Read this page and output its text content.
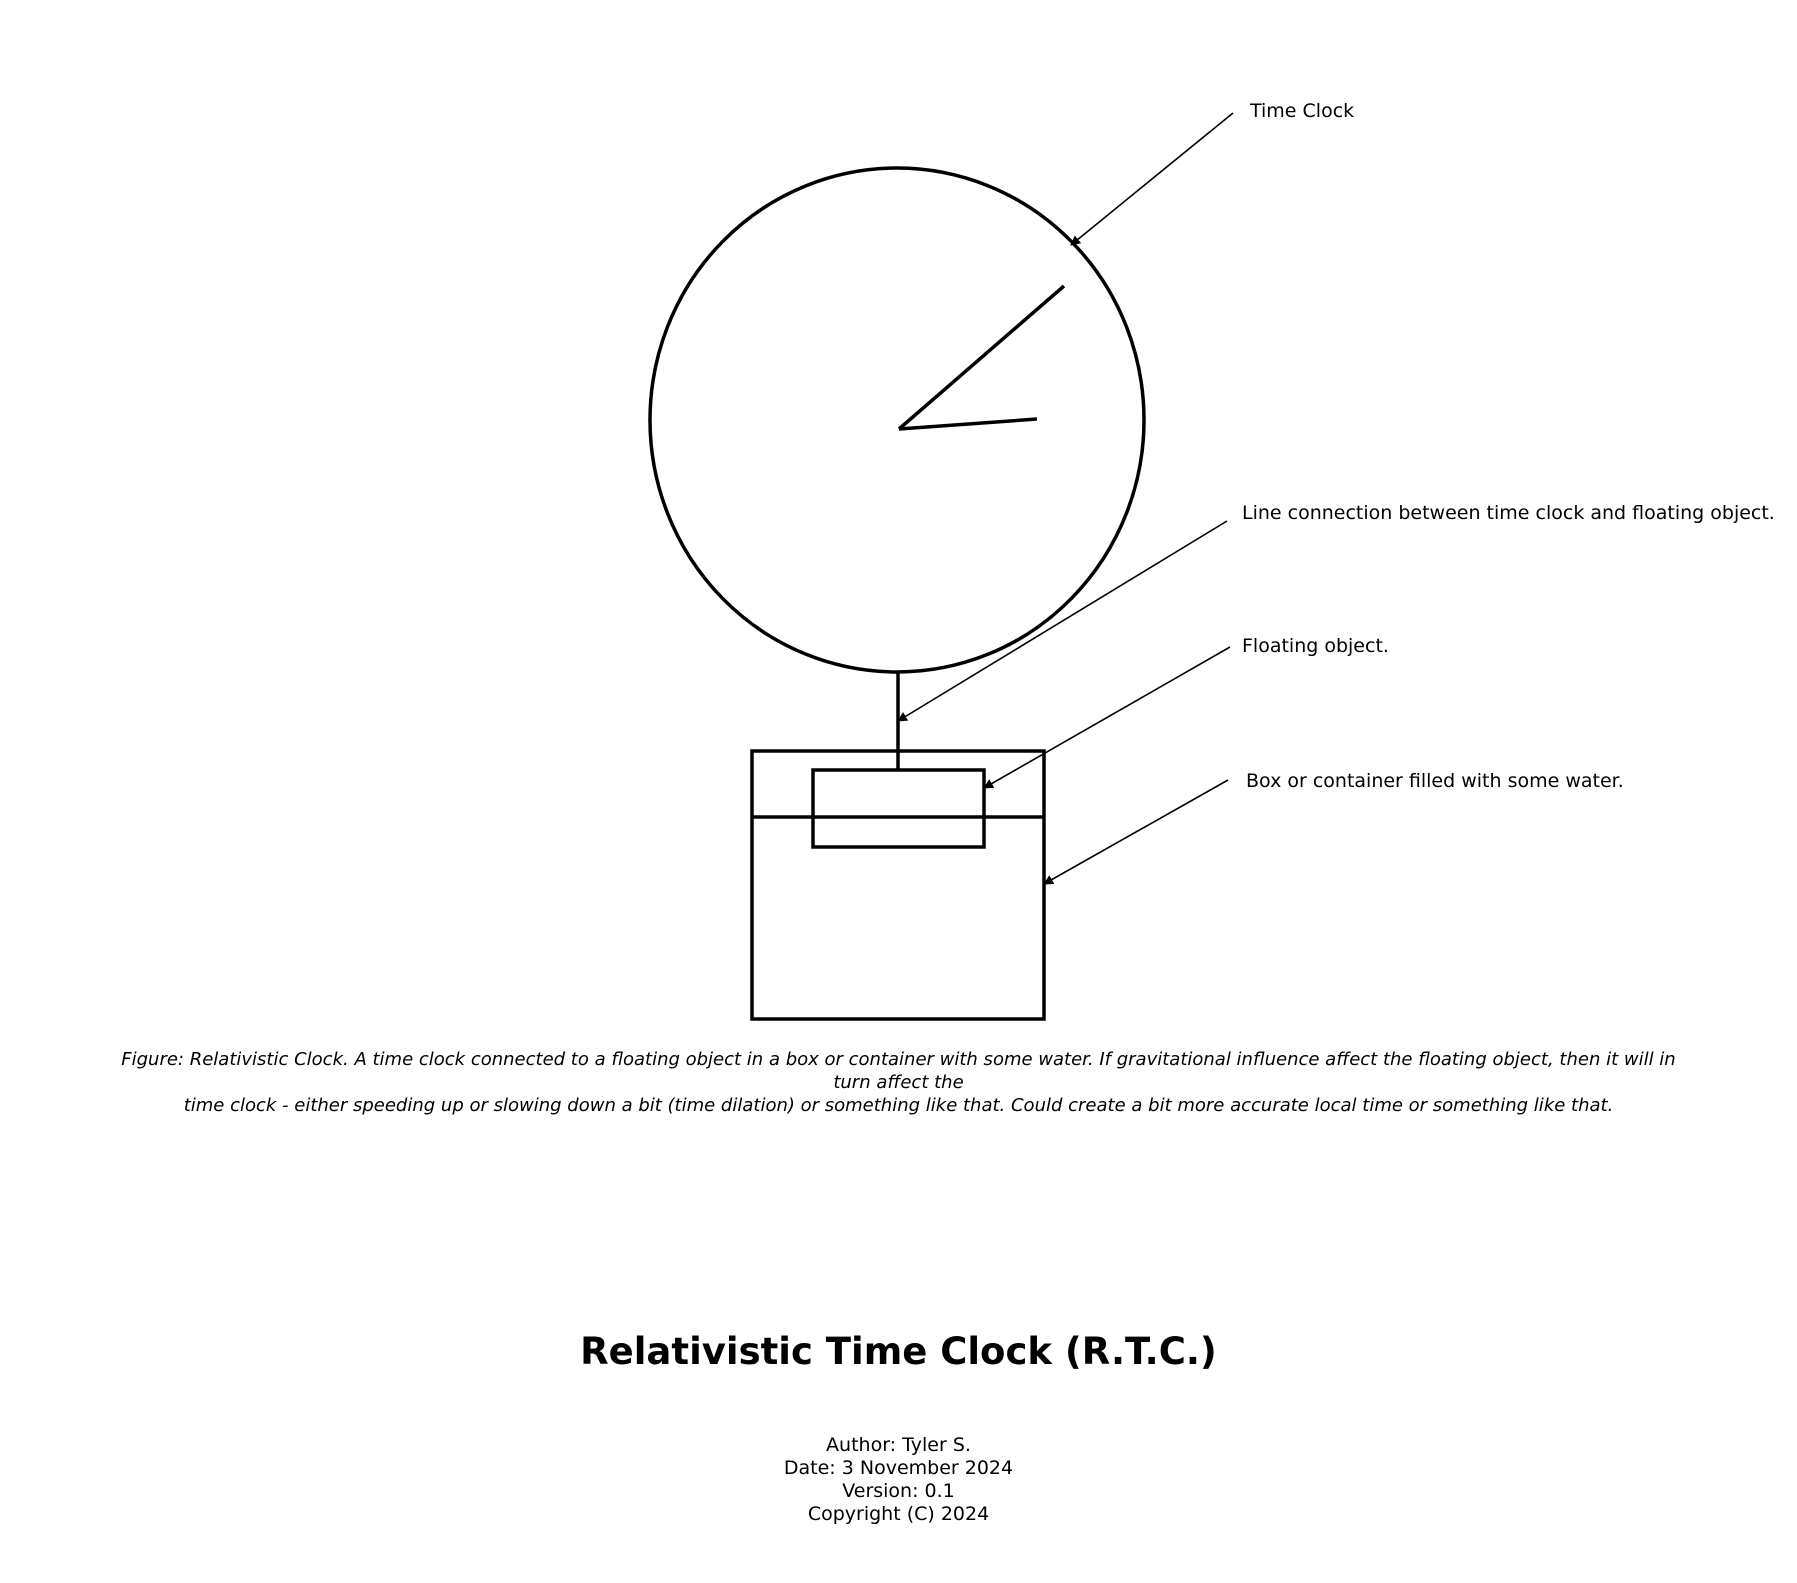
Time Clock
Line connection between time clock and floating object.
Floating object.
Box or container filled with some water.
Figure: Relativistic Clock. A time clock connected to a floating object in a box or container with some water. If gravitational influence affect the floating object, then it will in turn affect the
time clock - either speeding up or slowing down a bit (time dilation) or something like that. Could create a bit more accurate local time or something like that.
Relativistic Time Clock (R.T.C.)
Author: Tyler S.
Date: 3 November 2024
Version: 0.1
Copyright (C) 2024
